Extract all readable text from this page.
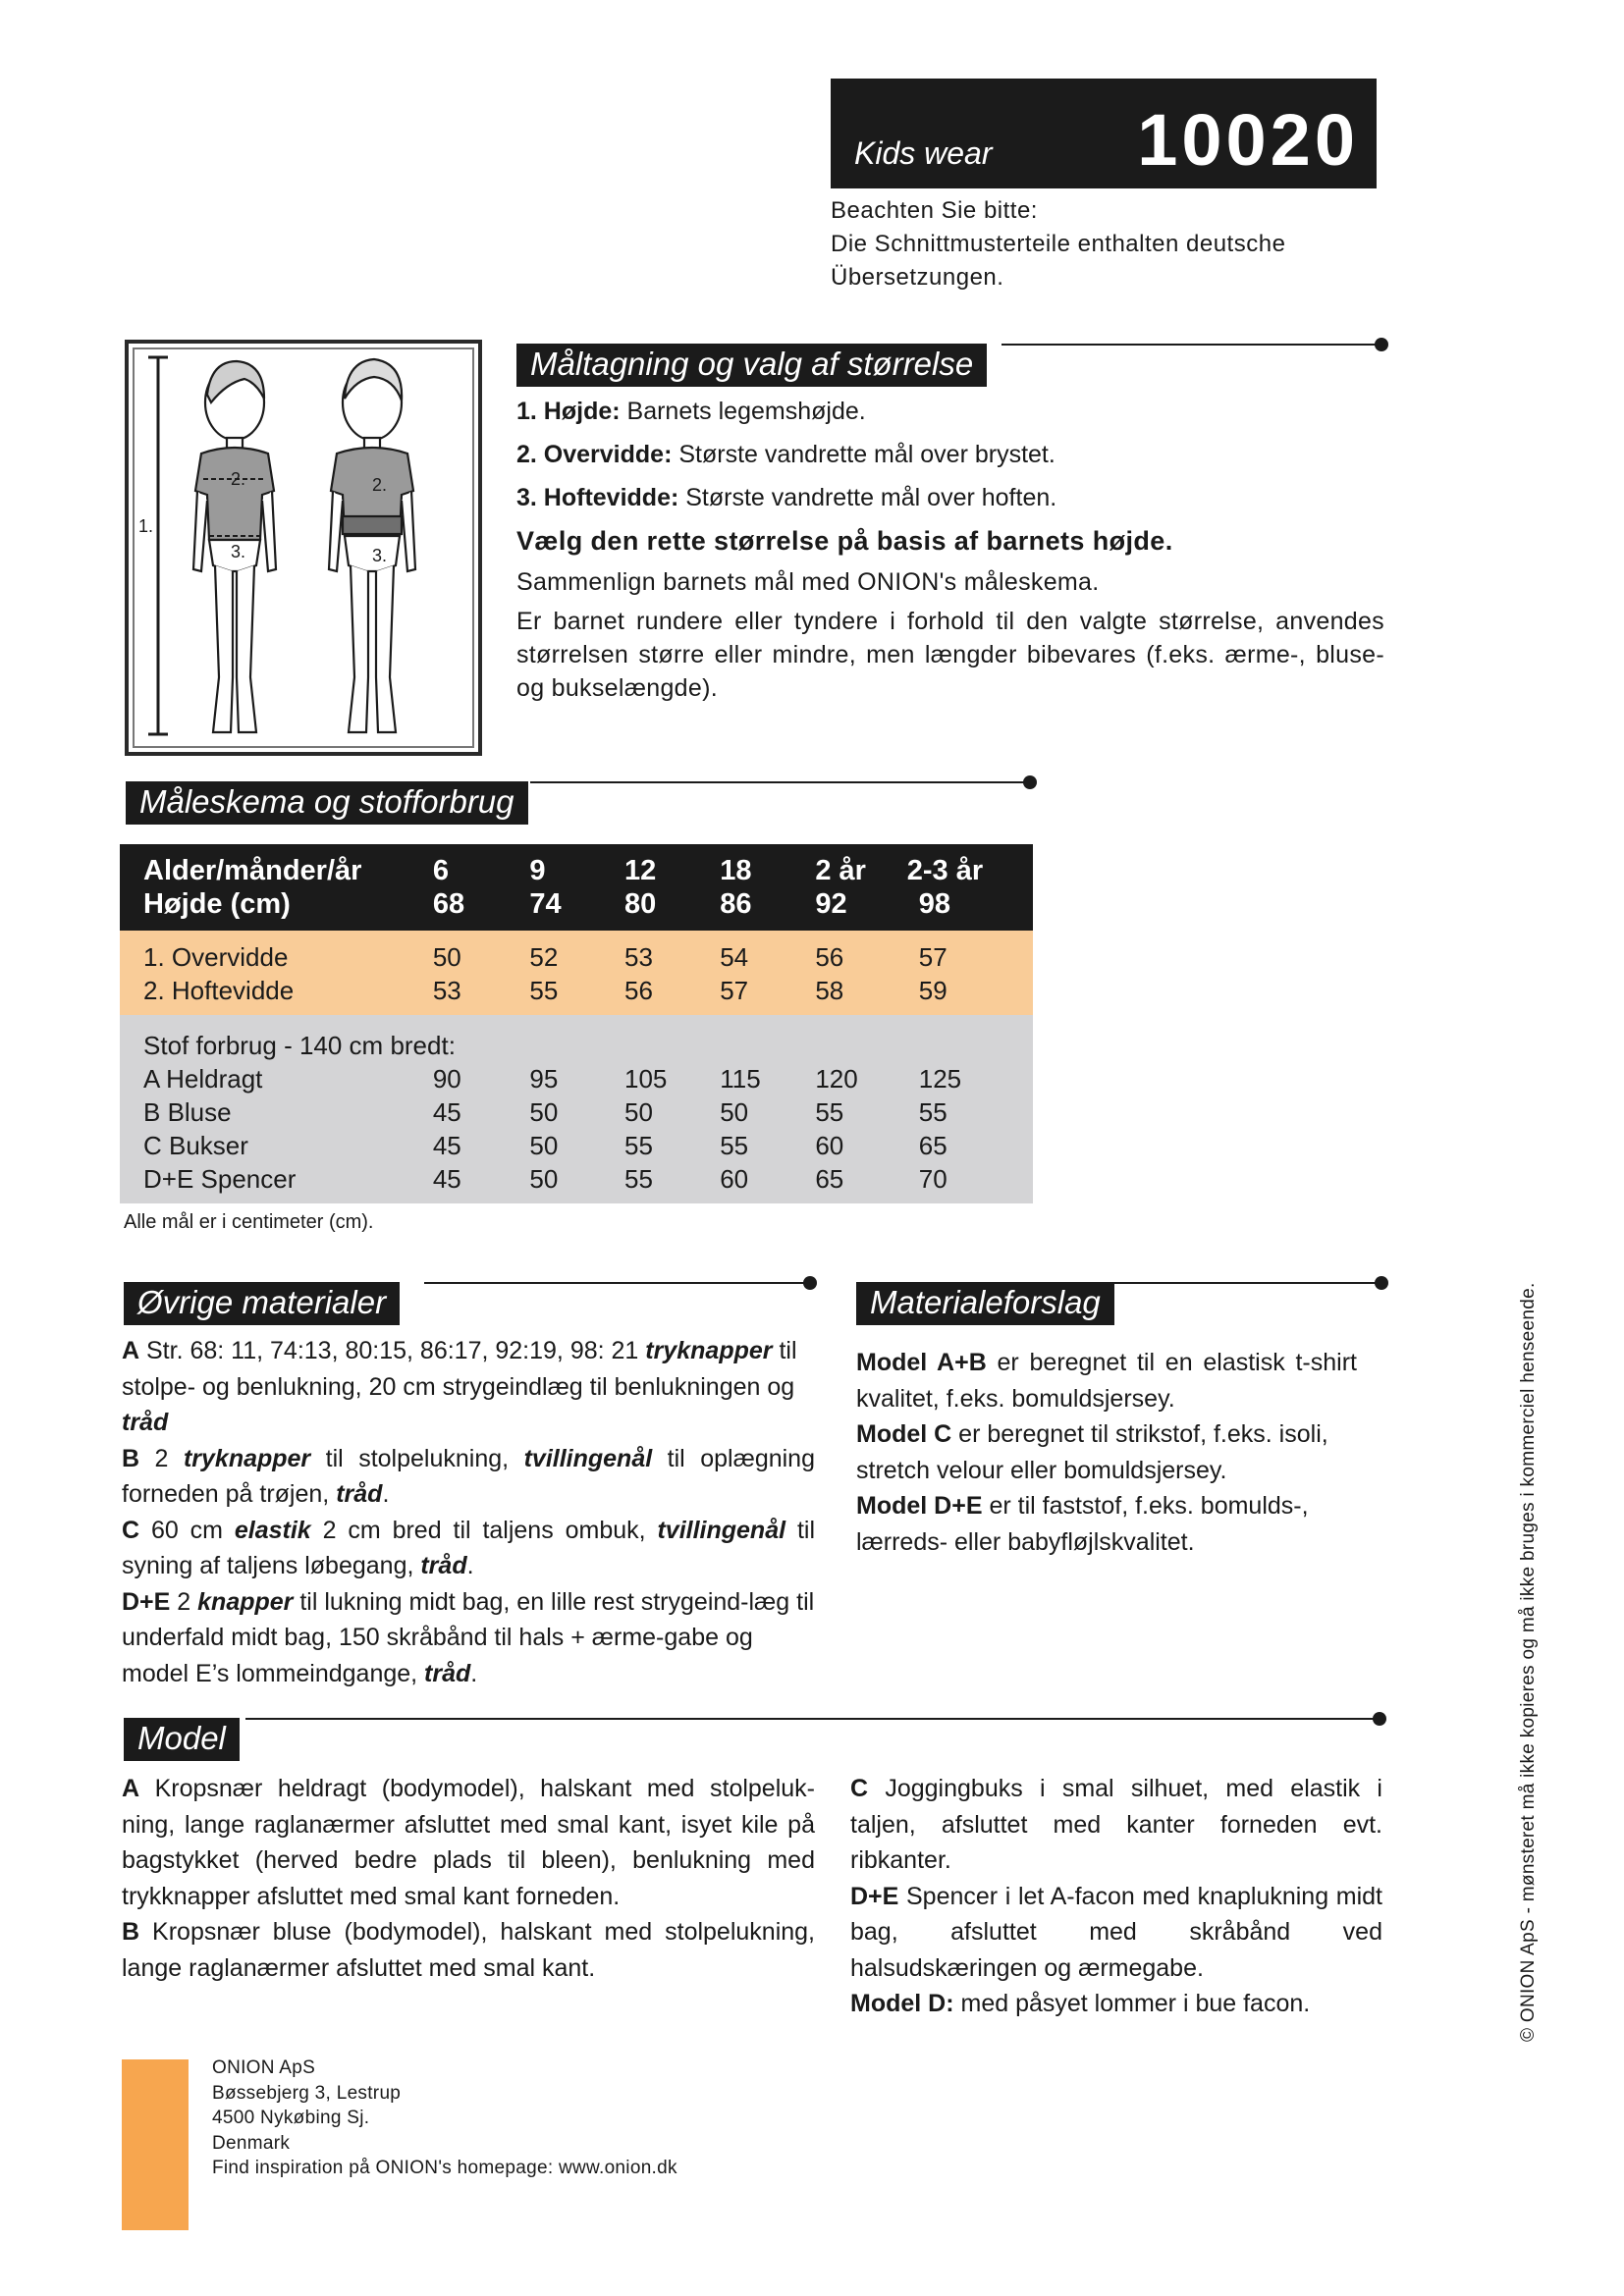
Kids wear 10020
Beachten Sie bitte:
Die Schnittmusterteile enthalten deutsche
Übersetzungen.
1.
2.
3.
2.
3.
Måltagning og valg af størrelse

1. Højde: Barnets legemshøjde.

2. Overvidde: Største vandrette mål over brystet.

3. Hoftevidde: Største vandrette mål over hoften.

Vælg den rette størrelse på basis af barnets højde.

Sammenlign barnets mål med ONION's måleskema.

Er barnet rundere eller tyndere i forhold til den valgte størrelse, anvendes størrelsen større eller mindre, men længder bibevares (f.eks. ærme-, bluse- og bukselængde).

Måleskema og stofforbrug
Alder/månder/år	6	9	12	18	2 år	2-3 år
Højde (cm)	68	74	80	86	92	98
1. Overvidde	50	52	53	54	56	57
2. Hoftevidde	53	55	56	57	58	59
Stof forbrug - 140 cm bredt:						
A Heldragt	90	95	105	115	120	125
B Bluse	45	50	50	50	55	55
C Bukser	45	50	55	55	60	65
D+E Spencer	45	50	55	60	65	70
Alle mål er i centimeter (cm).
Øvrige materialer

A Str. 68: 11, 74:13, 80:15, 86:17, 92:19, 98: 21 tryknapper til stolpe- og benlukning, 20 cm strygeindlæg til benlukningen og tråd

B 2 tryknapper til stolpelukning, tvillingenål til oplægning forneden på trøjen, tråd.

C 60 cm elastik 2 cm bred til taljens ombuk, tvillingenål til syning af taljens løbegang, tråd.

D+E 2 knapper til lukning midt bag, en lille rest strygeind-læg til underfald midt bag, 150 skråbånd til hals + ærme-gabe og model E’s lommeindgange, tråd.

Materialeforslag

Model A+B er beregnet til en elastisk t-shirt kvalitet, f.eks. bomuldsjersey.

Model C er beregnet til strikstof, f.eks. isoli, stretch velour eller bomuldsjersey.

Model D+E er til faststof, f.eks. bomulds-, lærreds- eller babyfløjlskvalitet.

Model

A Kropsnær heldragt (bodymodel), halskant med stolpeluk-ning, lange raglanærmer afsluttet med smal kant, isyet kile på bagstykket (herved bedre plads til bleen), benlukning med trykknapper afsluttet med smal kant forneden.

B Kropsnær bluse (bodymodel), halskant med stolpelukning, lange raglanærmer afsluttet med smal kant.

C Joggingbuks i smal silhuet, med elastik i taljen, afsluttet med kanter forneden evt. ribkanter.

D+E Spencer i let A-facon med knaplukning midt bag, afsluttet med skråbånd ved halsudskæringen og ærmegabe.

Model D: med påsyet lommer i bue facon.	© ONION ApS - mønsteret må ikke kopieres og må ikke bruges i kommerciel henseende.
ONION ApS
Bøssebjerg 3, Lestrup
4500 Nykøbing Sj.
Denmark
Find inspiration på ONION's homepage: www.onion.dk
